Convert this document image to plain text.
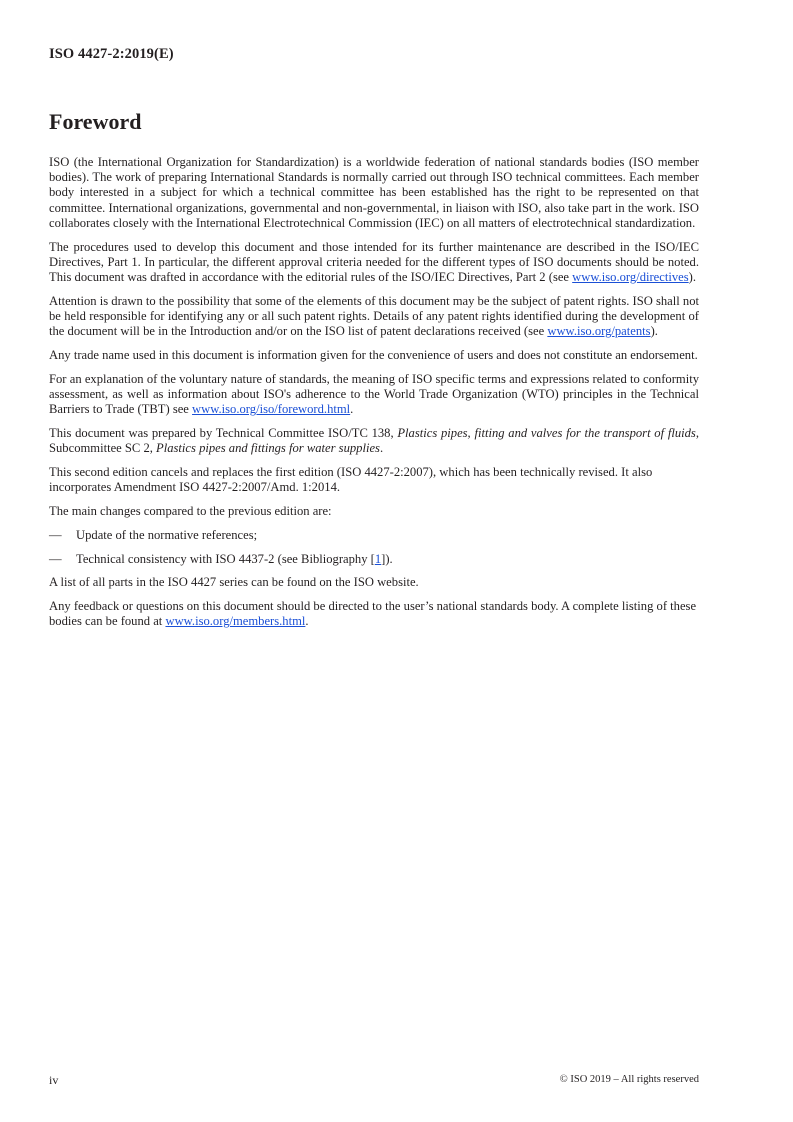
ISO 4427-2:2019(E)
Foreword

ISO (the International Organization for Standardization) is a worldwide federation of national standards bodies (ISO member bodies). The work of preparing International Standards is normally carried out through ISO technical committees. Each member body interested in a subject for which a technical committee has been established has the right to be represented on that committee. International organizations, governmental and non-governmental, in liaison with ISO, also take part in the work. ISO collaborates closely with the International Electrotechnical Commission (IEC) on all matters of electrotechnical standardization.

The procedures used to develop this document and those intended for its further maintenance are described in the ISO/IEC Directives, Part 1. In particular, the different approval criteria needed for the different types of ISO documents should be noted. This document was drafted in accordance with the editorial rules of the ISO/IEC Directives, Part 2 (see www.iso.org/directives).

Attention is drawn to the possibility that some of the elements of this document may be the subject of patent rights. ISO shall not be held responsible for identifying any or all such patent rights. Details of any patent rights identified during the development of the document will be in the Introduction and/or on the ISO list of patent declarations received (see www.iso.org/patents).

Any trade name used in this document is information given for the convenience of users and does not constitute an endorsement.

For an explanation of the voluntary nature of standards, the meaning of ISO specific terms and expressions related to conformity assessment, as well as information about ISO's adherence to the World Trade Organization (WTO) principles in the Technical Barriers to Trade (TBT) see www.iso.org/iso/foreword.html.

This document was prepared by Technical Committee ISO/TC 138, Plastics pipes, fitting and valves for the transport of fluids, Subcommittee SC 2, Plastics pipes and fittings for water supplies.

This second edition cancels and replaces the first edition (ISO 4427-2:2007), which has been technically revised. It also incorporates Amendment ISO 4427-2:2007/Amd. 1:2014.

The main changes compared to the previous edition are:

— Update of the normative references;

— Technical consistency with ISO 4437-2 (see Bibliography [1]).

A list of all parts in the ISO 4427 series can be found on the ISO website.

Any feedback or questions on this document should be directed to the user’s national standards body. A complete listing of these bodies can be found at www.iso.org/members.html.

iv	© ISO 2019 – All rights reserved
